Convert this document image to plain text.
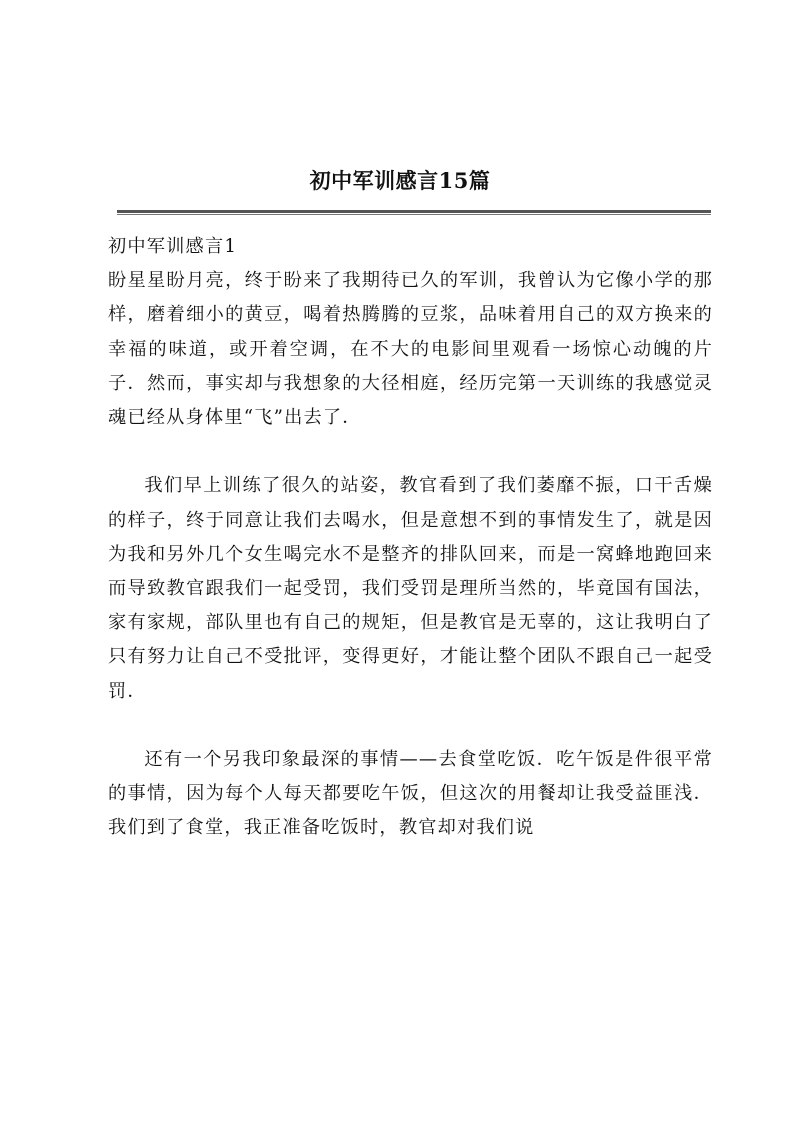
初中军训感言15篇
初中军训感言1

盼星星盼月亮，终于盼来了我期待已久的军训，我曾认为它像小学的那样，磨着细小的黄豆，喝着热腾腾的豆浆，品味着用自己的双方换来的幸福的味道，或开着空调，在不大的电影间里观看一场惊心动魄的片子．然而，事实却与我想象的大径相庭，经历完第一天训练的我感觉灵魂已经从身体里“飞”出去了．

我们早上训练了很久的站姿，教官看到了我们萎靡不振，口干舌燥的样子，终于同意让我们去喝水，但是意想不到的事情发生了，就是因为我和另外几个女生喝完水不是整齐的排队回来，而是一窝蜂地跑回来而导致教官跟我们一起受罚，我们受罚是理所当然的，毕竟国有国法，家有家规，部队里也有自己的规矩，但是教官是无辜的，这让我明白了只有努力让自己不受批评，变得更好，才能让整个团队不跟自己一起受罚．

还有一个另我印象最深的事情——去食堂吃饭．吃午饭是件很平常的事情，因为每个人每天都要吃午饭，但这次的用餐却让我受益匪浅．我们到了食堂，我正准备吃饭时，教官却对我们说
